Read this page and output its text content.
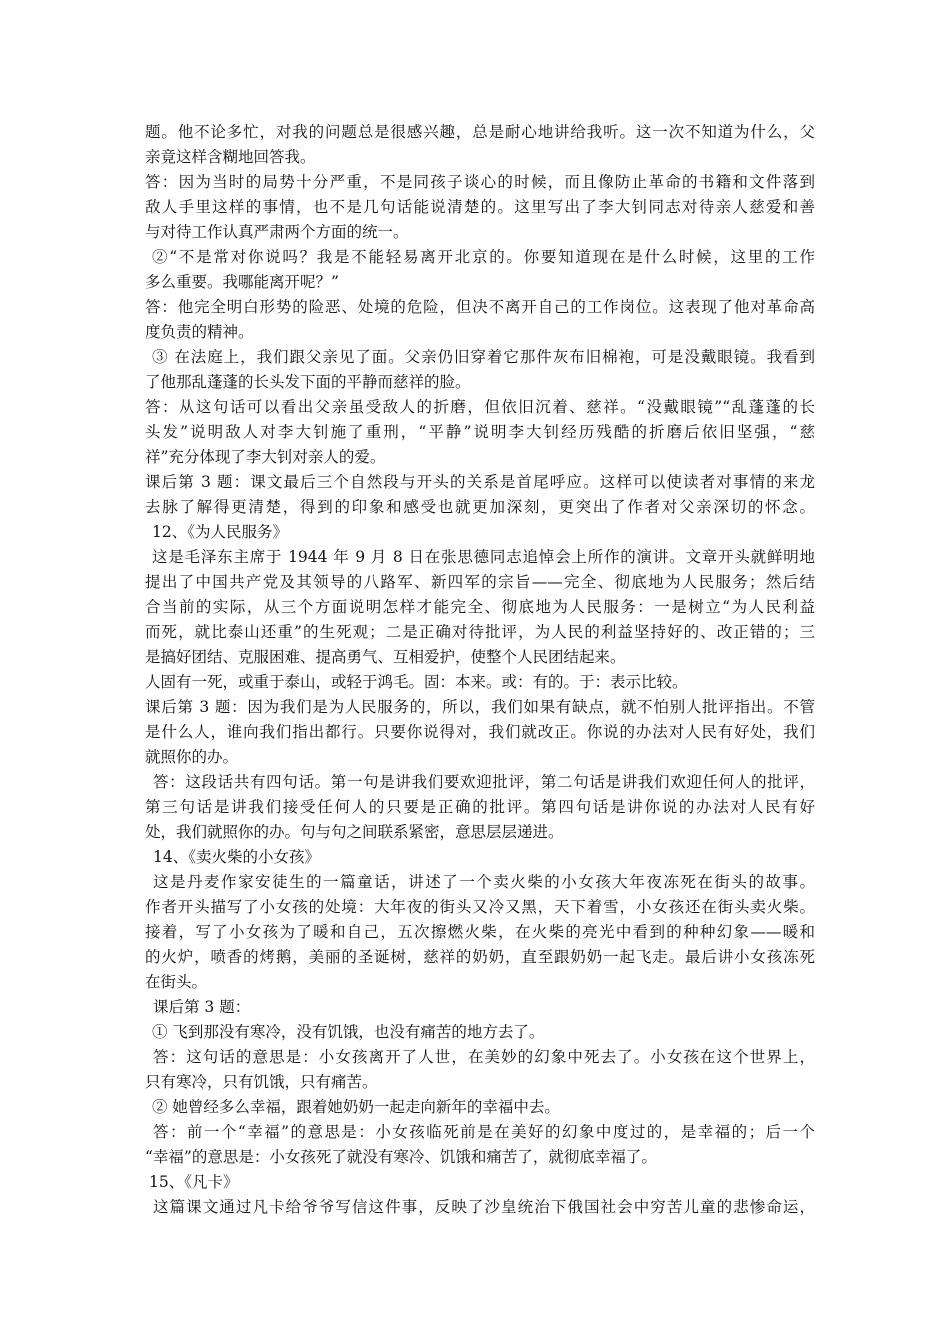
题。他不论多忙，对我的问题总是很感兴趣，总是耐心地讲给我听。这一次不知道为什么，父
亲竟这样含糊地回答我。
答：因为当时的局势十分严重，不是同孩子谈心的时候，而且像防止革命的书籍和文件落到
敌人手里这样的事情，也不是几句话能说清楚的。这里写出了李大钊同志对待亲人慈爱和善
与对待工作认真严肃两个方面的统一。
②“不是常对你说吗？我是不能轻易离开北京的。你要知道现在是什么时候，这里的工作
多么重要。我哪能离开呢？”
答：他完全明白形势的险恶、处境的危险，但决不离开自己的工作岗位。这表现了他对革命高
度负责的精神。
③ 在法庭上，我们跟父亲见了面。父亲仍旧穿着它那件灰布旧棉袍，可是没戴眼镜。我看到
了他那乱蓬蓬的长头发下面的平静而慈祥的脸。
答：从这句话可以看出父亲虽受敌人的折磨，但依旧沉着、慈祥。“没戴眼镜”“乱蓬蓬的长
头发”说明敌人对李大钊施了重刑，“平静”说明李大钊经历残酷的折磨后依旧坚强，“慈
祥”充分体现了李大钊对亲人的爱。
课后第 3 题：课文最后三个自然段与开头的关系是首尾呼应。这样可以使读者对事情的来龙
去脉了解得更清楚，得到的印象和感受也就更加深刻，更突出了作者对父亲深切的怀念。
12、《为人民服务》
这是毛泽东主席于 1944 年 9 月 8 日在张思德同志追悼会上所作的演讲。文章开头就鲜明地
提出了中国共产党及其领导的八路军、新四军的宗旨——完全、彻底地为人民服务；然后结
合当前的实际，从三个方面说明怎样才能完全、彻底地为人民服务：一是树立“为人民利益
而死，就比泰山还重”的生死观；二是正确对待批评，为人民的利益坚持好的、改正错的；三
是搞好团结、克服困难、提高勇气、互相爱护，使整个人民团结起来。
人固有一死，或重于泰山，或轻于鸿毛。固：本来。或：有的。于：表示比较。
课后第 3 题：因为我们是为人民服务的，所以，我们如果有缺点，就不怕别人批评指出。不管
是什么人，谁向我们指出都行。只要你说得对，我们就改正。你说的办法对人民有好处，我们
就照你的办。
答：这段话共有四句话。第一句是讲我们要欢迎批评，第二句话是讲我们欢迎任何人的批评，
第三句话是讲我们接受任何人的只要是正确的批评。第四句话是讲你说的办法对人民有好
处，我们就照你的办。句与句之间联系紧密，意思层层递进。
14、《卖火柴的小女孩》
这是丹麦作家安徒生的一篇童话，讲述了一个卖火柴的小女孩大年夜冻死在街头的故事。
作者开头描写了小女孩的处境：大年夜的街头又冷又黑，天下着雪，小女孩还在街头卖火柴。
接着，写了小女孩为了暖和自己，五次擦燃火柴，在火柴的亮光中看到的种种幻象——暖和
的火炉，喷香的烤鹅，美丽的圣诞树，慈祥的奶奶，直至跟奶奶一起飞走。最后讲小女孩冻死
在街头。
课后第 3 题：
① 飞到那没有寒冷，没有饥饿，也没有痛苦的地方去了。
答：这句话的意思是：小女孩离开了人世，在美妙的幻象中死去了。小女孩在这个世界上，
只有寒冷，只有饥饿，只有痛苦。
② 她曾经多么幸福，跟着她奶奶一起走向新年的幸福中去。
答：前一个“幸福”的意思是：小女孩临死前是在美好的幻象中度过的，是幸福的；后一个
“幸福”的意思是：小女孩死了就没有寒冷、饥饿和痛苦了，就彻底幸福了。
15、《凡卡》
这篇课文通过凡卡给爷爷写信这件事，反映了沙皇统治下俄国社会中穷苦儿童的悲惨命运，
